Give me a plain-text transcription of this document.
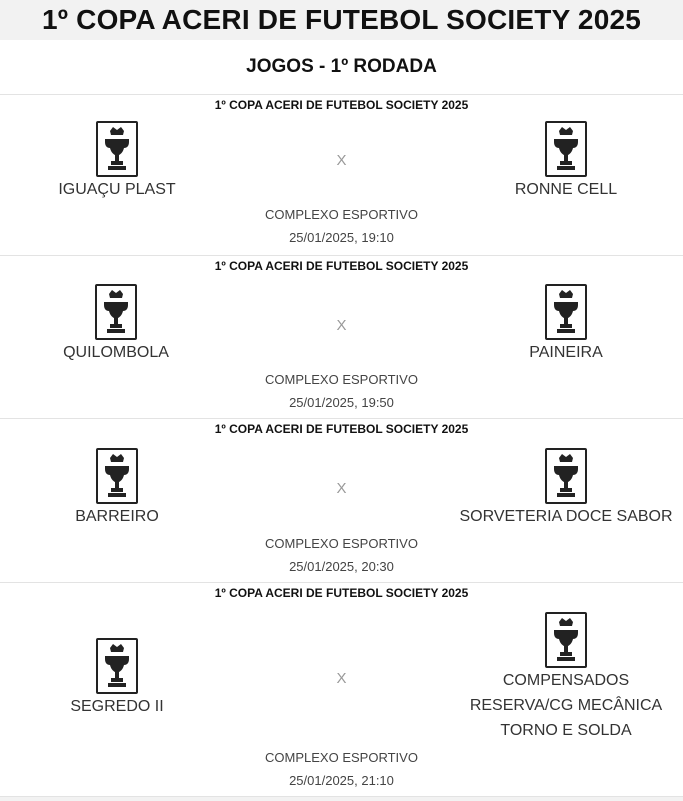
1º COPA ACERI DE FUTEBOL SOCIETY 2025
JOGOS - 1º RODADA
1º COPA ACERI DE FUTEBOL SOCIETY 2025
IGUAÇU PLAST
X
RONNE CELL
COMPLEXO ESPORTIVO
25/01/2025, 19:10
1º COPA ACERI DE FUTEBOL SOCIETY 2025
QUILOMBOLA
X
PAINEIRA
COMPLEXO ESPORTIVO
25/01/2025, 19:50
1º COPA ACERI DE FUTEBOL SOCIETY 2025
BARREIRO
X
SORVETERIA DOCE SABOR
COMPLEXO ESPORTIVO
25/01/2025, 20:30
1º COPA ACERI DE FUTEBOL SOCIETY 2025
SEGREDO II
X	COMPENSADOS
RESERVA/CG MECÂNICA
TORNO E SOLDA
COMPLEXO ESPORTIVO
25/01/2025, 21:10
